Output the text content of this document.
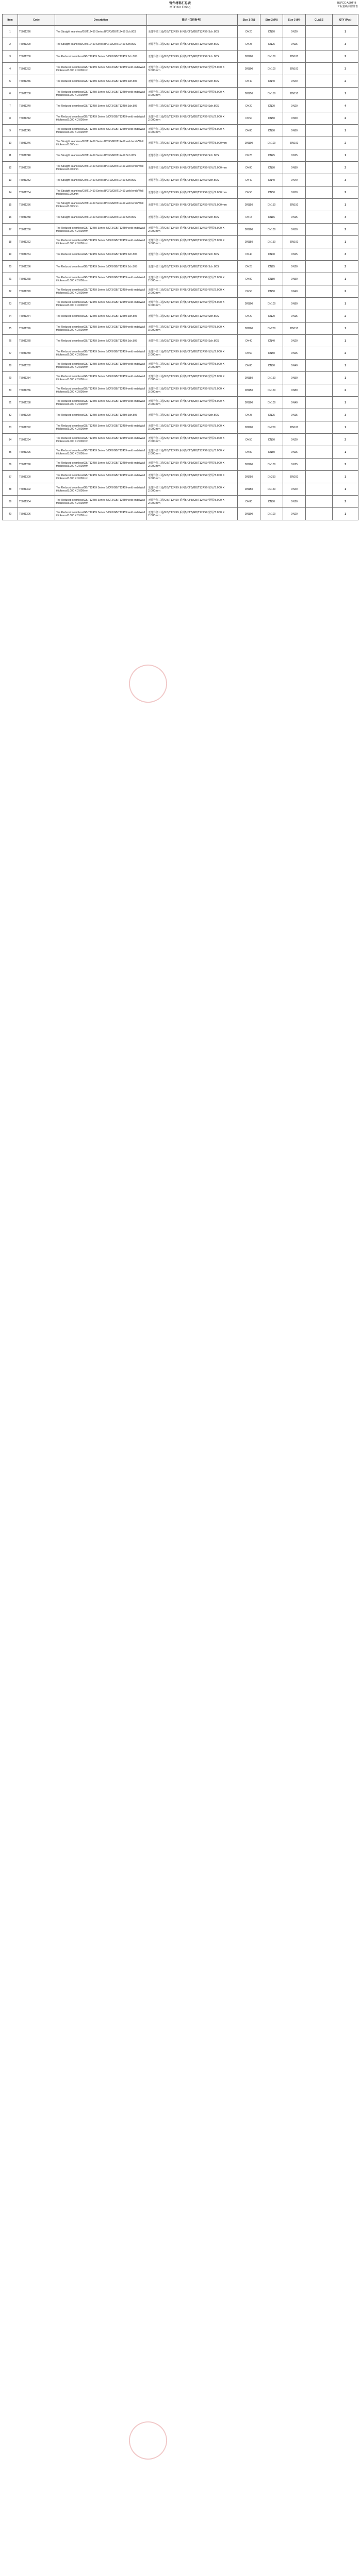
管件材料汇总表
MTO for Fitting
BLPCC-ASHF-B
工程量确认附件表
Item	Code	Description	描述（仅供参考）	Size 1 (IN)	Size 2 (IN)	Size 3 (IN)	CLASS	QTY (Pcs)
1	T5031226	Tee Straight seamless/GB/T12459 Series B/CF3/GB/T12459 Sch.80S	无缝等径三通/GB/T12459 系列B/CF3/GB/T12459 Sch.80S	DN20	DN20	DN20		1
2	T5031229	Tee Straight seamless/GB/T12459 Series B/CF3/GB/T12459 Sch.80S	无缝等径三通/GB/T12459 系列B/CF3/GB/T12459 Sch.80S	DN25	DN25	DN25		3
3	T5031230	Tee Reduced seamless/GB/T12459 Series B/CF3/GB/T12459 Sch.80S	无缝异径三通/GB/T12459 系列B/CF3/GB/T12459 Sch.80S	DN100	DN100	DN100		2
4	T5031232	Tee Reduced seamless/GB/T12459 Series B/CF3/GB/T12459 weld ends/Wall thickness/3.000 X 3.000mm	无缝异径三通/GB/T12459 系列B/CF3/GB/T12459 壁厚/3.000 X 3.000mm	DN100	DN100	DN100		3
5	T5031236	Tee Reduced seamless/GB/T12459 Series B/CF3/GB/T12459 Sch.80S	无缝异径三通/GB/T12459 系列B/CF3/GB/T12459 Sch.80S	DN40	DN40	DN40		2
6	T5031238	Tee Reduced seamless/GB/T12459 Series B/CF3/GB/T12459 weld ends/Wall thickness/3.000 X 3.000mm	无缝异径三通/GB/T12459 系列B/CF3/GB/T12459 壁厚/3.000 X 3.000mm	DN150	DN150	DN150		1
7	T5031240	Tee Reduced seamless/GB/T12459 Series B/CF3/GB/T12459 Sch.80S	无缝异径三通/GB/T12459 系列B/CF3/GB/T12459 Sch.80S	DN20	DN20	DN20		4
8	T5031242	Tee Reduced seamless/GB/T12459 Series B/CF3/GB/T12459 weld ends/Wall thickness/2.000 X 2.000mm	无缝异径三通/GB/T12459 系列B/CF3/GB/T12459 壁厚/2.000 X 2.000mm	DN50	DN50	DN50		2
9	T5031245	Tee Reduced seamless/GB/T12459 Series B/CF3/GB/T12459 weld ends/Wall thickness/3.000 X 3.000mm	无缝异径三通/GB/T12459 系列B/CF3/GB/T12459 壁厚/3.000 X 3.000mm	DN80	DN80	DN80		1
10	T5031246	Tee Straight seamless/GB/T12459 Series B/CF3/GB/T12459 weld ends/Wall thickness/3.000mm	无缝等径三通/GB/T12459 系列B/CF3/GB/T12459 壁厚/3.000mm	DN100	DN100	DN100		2
11	T5031248	Tee Straight seamless/GB/T12459 Series B/CF3/GB/T12459 Sch.80S	无缝等径三通/GB/T12459 系列B/CF3/GB/T12459 Sch.80S	DN25	DN25	DN25		1
12	T5031250	Tee Straight seamless/GB/T12459 Series B/CF3/GB/T12459 weld ends/Wall thickness/3.000mm	无缝等径三通/GB/T12459 系列B/CF3/GB/T12459 壁厚/3.000mm	DN80	DN80	DN80		2
13	T5031252	Tee Straight seamless/GB/T12459 Series B/CF3/GB/T12459 Sch.80S	无缝等径三通/GB/T12459 系列B/CF3/GB/T12459 Sch.80S	DN40	DN40	DN40		3
14	T5031254	Tee Straight seamless/GB/T12459 Series B/CF3/GB/T12459 weld ends/Wall thickness/2.000mm	无缝等径三通/GB/T12459 系列B/CF3/GB/T12459 壁厚/2.000mm	DN50	DN50	DN50		2
15	T5031256	Tee Straight seamless/GB/T12459 Series B/CF3/GB/T12459 weld ends/Wall thickness/3.000mm	无缝等径三通/GB/T12459 系列B/CF3/GB/T12459 壁厚/3.000mm	DN150	DN150	DN150		1
16	T5031258	Tee Straight seamless/GB/T12459 Series B/CF3/GB/T12459 Sch.80S	无缝等径三通/GB/T12459 系列B/CF3/GB/T12459 Sch.80S	DN15	DN15	DN15		4
17	T5031260	Tee Reduced seamless/GB/T12459 Series B/CF3/GB/T12459 weld ends/Wall thickness/3.000 X 2.000mm	无缝异径三通/GB/T12459 系列B/CF3/GB/T12459 壁厚/3.000 X 2.000mm	DN100	DN100	DN50		2
18	T5031262	Tee Reduced seamless/GB/T12459 Series B/CF3/GB/T12459 weld ends/Wall thickness/3.000 X 3.000mm	无缝异径三通/GB/T12459 系列B/CF3/GB/T12459 壁厚/3.000 X 3.000mm	DN150	DN150	DN100		1
19	T5031264	Tee Reduced seamless/GB/T12459 Series B/CF3/GB/T12459 Sch.80S	无缝异径三通/GB/T12459 系列B/CF3/GB/T12459 Sch.80S	DN40	DN40	DN25		3
20	T5031266	Tee Reduced seamless/GB/T12459 Series B/CF3/GB/T12459 Sch.80S	无缝异径三通/GB/T12459 系列B/CF3/GB/T12459 Sch.80S	DN25	DN25	DN20		2
21	T5031268	Tee Reduced seamless/GB/T12459 Series B/CF3/GB/T12459 weld ends/Wall thickness/3.000 X 2.000mm	无缝异径三通/GB/T12459 系列B/CF3/GB/T12459 壁厚/3.000 X 2.000mm	DN80	DN80	DN50		1
22	T5031270	Tee Reduced seamless/GB/T12459 Series B/CF3/GB/T12459 weld ends/Wall thickness/2.000 X 2.000mm	无缝异径三通/GB/T12459 系列B/CF3/GB/T12459 壁厚/2.000 X 2.000mm	DN50	DN50	DN40		2
23	T5031272	Tee Reduced seamless/GB/T12459 Series B/CF3/GB/T12459 weld ends/Wall thickness/3.000 X 3.000mm	无缝异径三通/GB/T12459 系列B/CF3/GB/T12459 壁厚/3.000 X 3.000mm	DN100	DN100	DN80		1
24	T5031274	Tee Reduced seamless/GB/T12459 Series B/CF3/GB/T12459 Sch.80S	无缝异径三通/GB/T12459 系列B/CF3/GB/T12459 Sch.80S	DN20	DN20	DN15		2
25	T5031276	Tee Reduced seamless/GB/T12459 Series B/CF3/GB/T12459 weld ends/Wall thickness/3.000 X 3.000mm	无缝异径三通/GB/T12459 系列B/CF3/GB/T12459 壁厚/3.000 X 3.000mm	DN200	DN200	DN150		1
26	T5031278	Tee Reduced seamless/GB/T12459 Series B/CF3/GB/T12459 Sch.80S	无缝异径三通/GB/T12459 系列B/CF3/GB/T12459 Sch.80S	DN40	DN40	DN20		1
27	T5031280	Tee Reduced seamless/GB/T12459 Series B/CF3/GB/T12459 weld ends/Wall thickness/2.000 X 2.000mm	无缝异径三通/GB/T12459 系列B/CF3/GB/T12459 壁厚/2.000 X 2.000mm	DN50	DN50	DN25		2
28	T5031282	Tee Reduced seamless/GB/T12459 Series B/CF3/GB/T12459 weld ends/Wall thickness/3.000 X 2.000mm	无缝异径三通/GB/T12459 系列B/CF3/GB/T12459 壁厚/3.000 X 2.000mm	DN80	DN80	DN40		1
29	T5031284	Tee Reduced seamless/GB/T12459 Series B/CF3/GB/T12459 weld ends/Wall thickness/3.000 X 2.000mm	无缝异径三通/GB/T12459 系列B/CF3/GB/T12459 壁厚/3.000 X 2.000mm	DN150	DN150	DN50		1
30	T5031286	Tee Reduced seamless/GB/T12459 Series B/CF3/GB/T12459 weld ends/Wall thickness/3.000 X 3.000mm	无缝异径三通/GB/T12459 系列B/CF3/GB/T12459 壁厚/3.000 X 3.000mm	DN150	DN150	DN80		2
31	T5031288	Tee Reduced seamless/GB/T12459 Series B/CF3/GB/T12459 weld ends/Wall thickness/3.000 X 2.000mm	无缝异径三通/GB/T12459 系列B/CF3/GB/T12459 壁厚/3.000 X 2.000mm	DN100	DN100	DN40		1
32	T5031290	Tee Reduced seamless/GB/T12459 Series B/CF3/GB/T12459 Sch.80S	无缝异径三通/GB/T12459 系列B/CF3/GB/T12459 Sch.80S	DN25	DN25	DN15		3
33	T5031292	Tee Reduced seamless/GB/T12459 Series B/CF3/GB/T12459 weld ends/Wall thickness/3.000 X 3.000mm	无缝异径三通/GB/T12459 系列B/CF3/GB/T12459 壁厚/3.000 X 3.000mm	DN200	DN200	DN100		1
34	T5031294	Tee Reduced seamless/GB/T12459 Series B/CF3/GB/T12459 weld ends/Wall thickness/2.000 X 2.000mm	无缝异径三通/GB/T12459 系列B/CF3/GB/T12459 壁厚/2.000 X 2.000mm	DN50	DN50	DN20		2
35	T5031296	Tee Reduced seamless/GB/T12459 Series B/CF3/GB/T12459 weld ends/Wall thickness/3.000 X 2.000mm	无缝异径三通/GB/T12459 系列B/CF3/GB/T12459 壁厚/3.000 X 2.000mm	DN80	DN80	DN25		1
36	T5031298	Tee Reduced seamless/GB/T12459 Series B/CF3/GB/T12459 weld ends/Wall thickness/3.000 X 2.000mm	无缝异径三通/GB/T12459 系列B/CF3/GB/T12459 壁厚/3.000 X 2.000mm	DN100	DN100	DN25		2
37	T5031300	Tee Reduced seamless/GB/T12459 Series B/CF3/GB/T12459 weld ends/Wall thickness/3.000 X 3.000mm	无缝异径三通/GB/T12459 系列B/CF3/GB/T12459 壁厚/3.000 X 3.000mm	DN250	DN250	DN200		1
38	T5031302	Tee Reduced seamless/GB/T12459 Series B/CF3/GB/T12459 weld ends/Wall thickness/3.000 X 2.000mm	无缝异径三通/GB/T12459 系列B/CF3/GB/T12459 壁厚/3.000 X 2.000mm	DN150	DN150	DN40		1
39	T5031304	Tee Reduced seamless/GB/T12459 Series B/CF3/GB/T12459 weld ends/Wall thickness/3.000 X 2.000mm	无缝异径三通/GB/T12459 系列B/CF3/GB/T12459 壁厚/3.000 X 2.000mm	DN80	DN80	DN20		2
40	T5031306	Tee Reduced seamless/GB/T12459 Series B/CF3/GB/T12459 weld ends/Wall thickness/3.000 X 2.000mm	无缝异径三通/GB/T12459 系列B/CF3/GB/T12459 壁厚/3.000 X 2.000mm	DN100	DN100	DN20		1
